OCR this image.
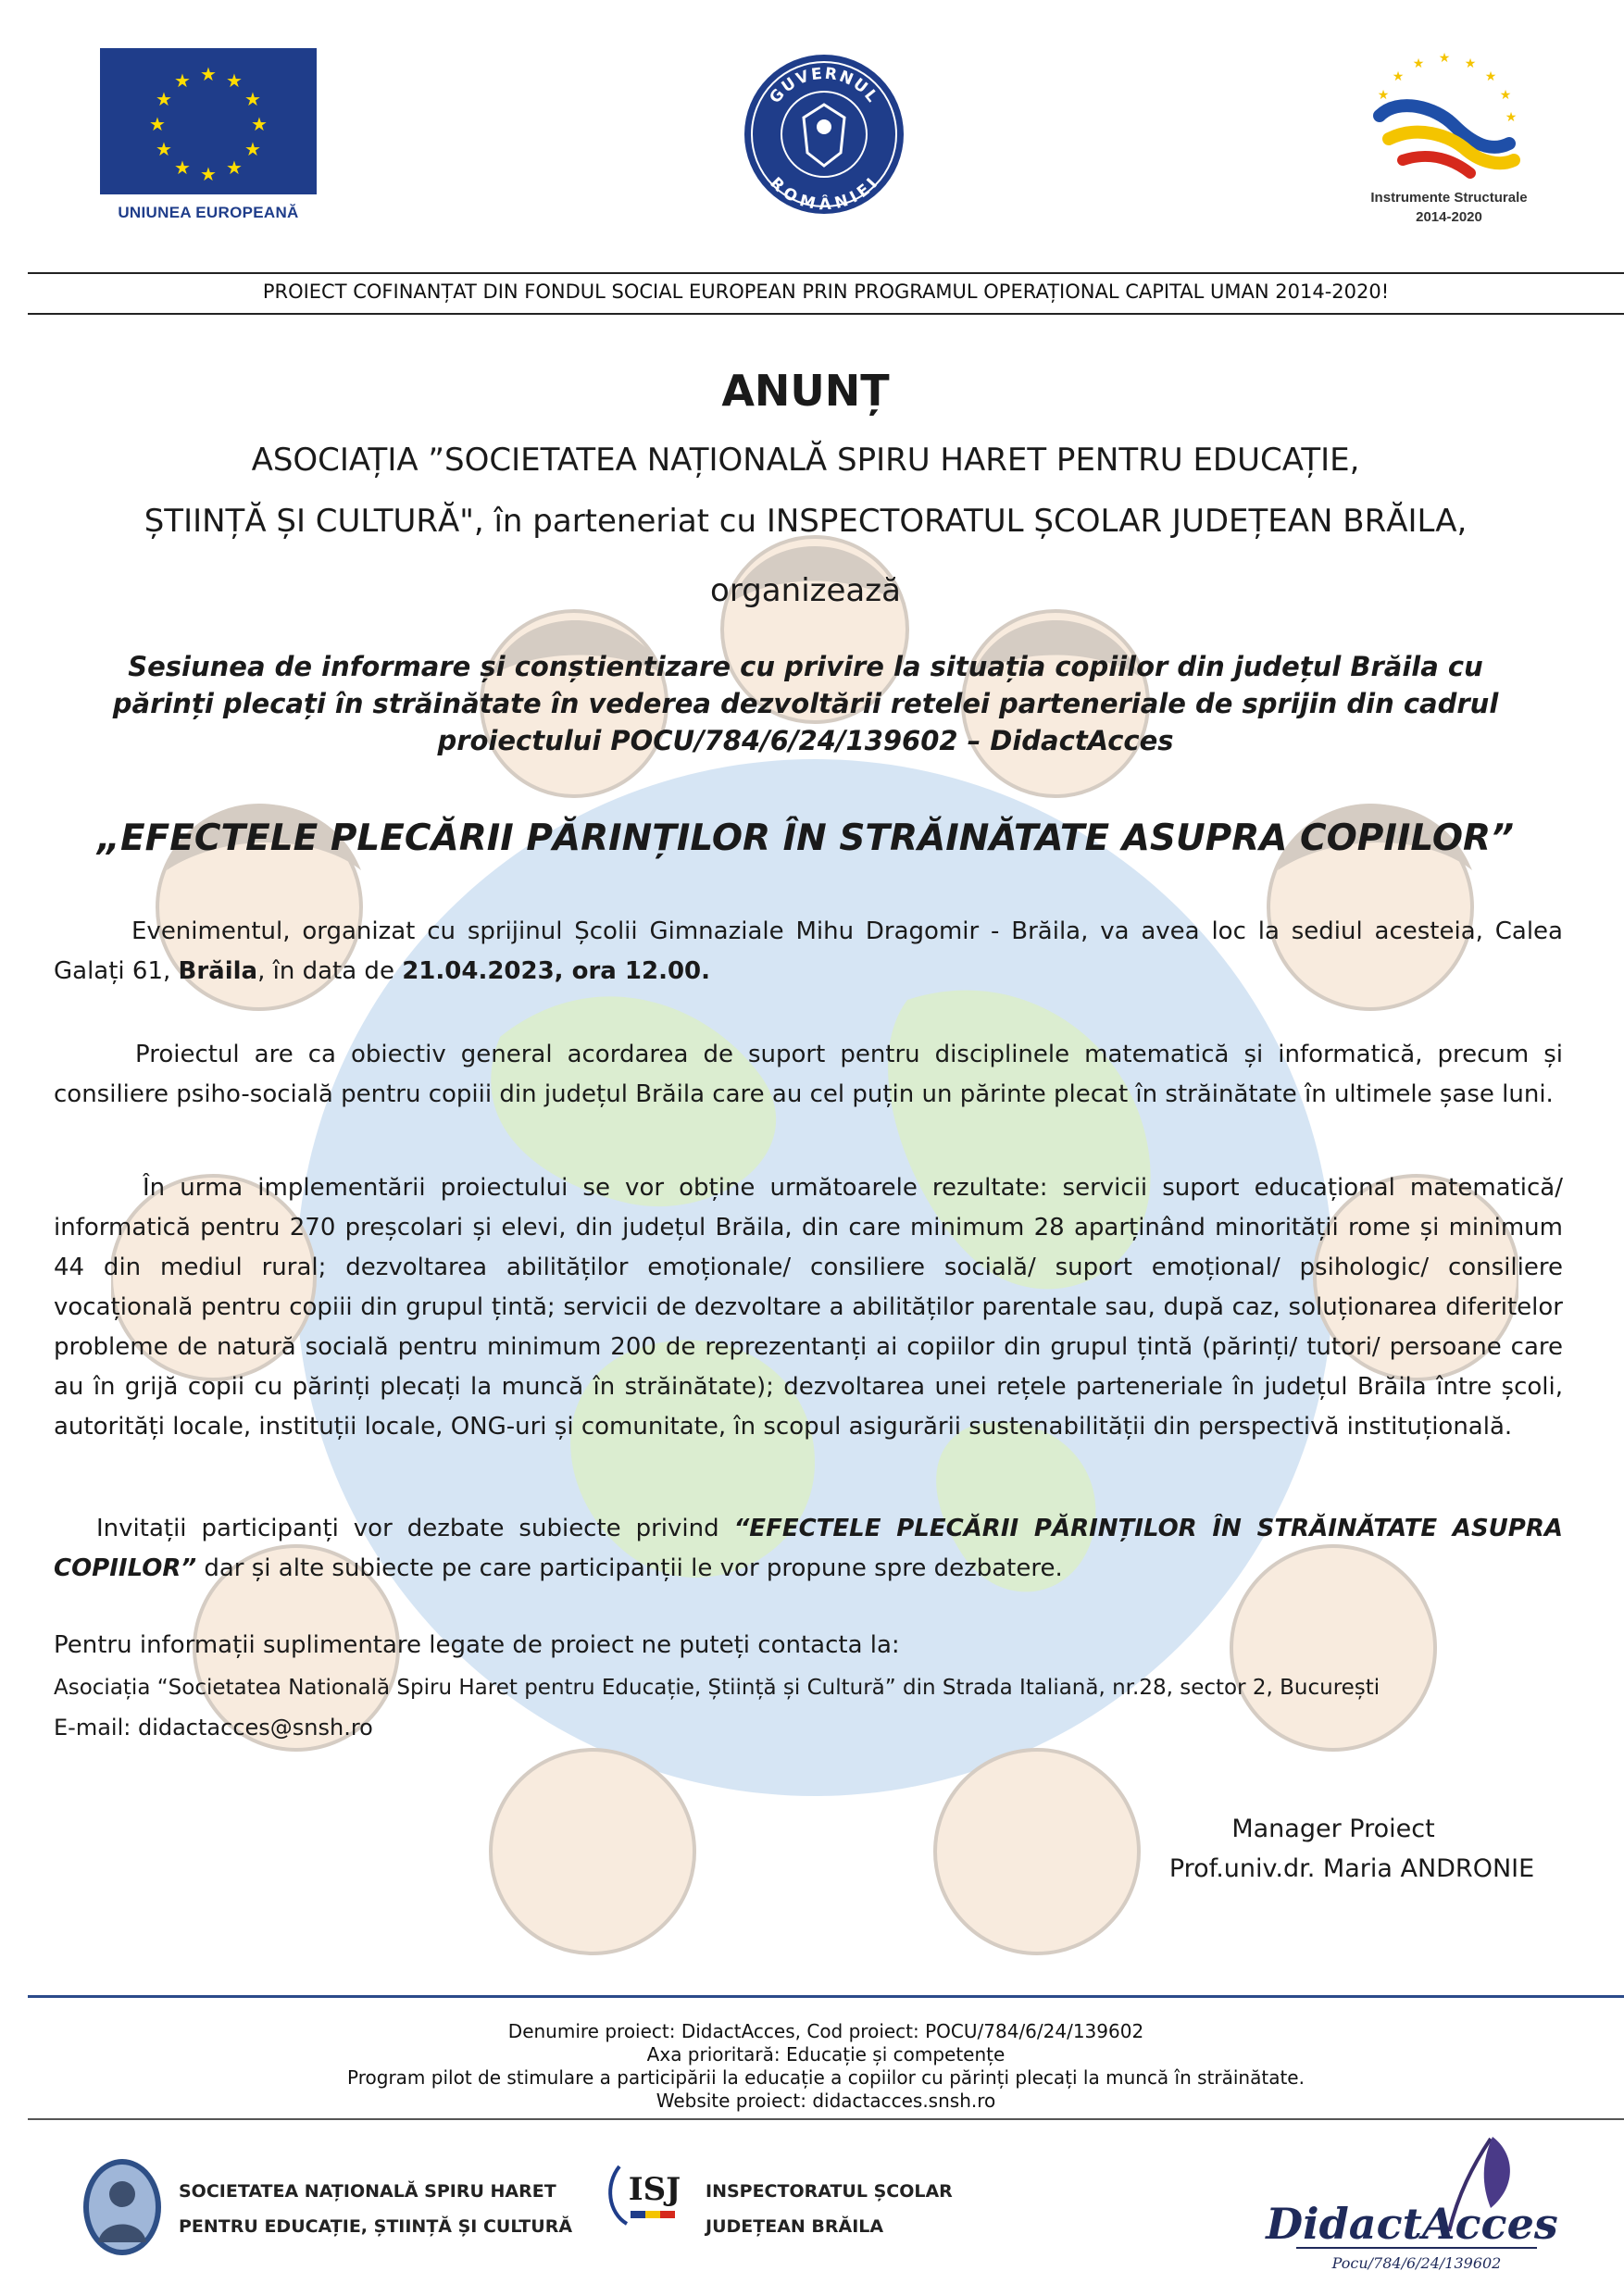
★ ★
★
★
★
★
★
★
★
★
★
★
UNIUNEA EUROPEANĂ
GUVERNUL
ROMÂNIEI
★
★ ★ ★
★
★
★
★
Instrumente Structurale
2014-2020
PROIECT COFINANȚAT DIN FONDUL SOCIAL EUROPEAN PRIN PROGRAMUL OPERAȚIONAL CAPITAL UMAN 2014-2020!
ANUNȚ
ASOCIAȚIA ”SOCIETATEA NAȚIONALĂ SPIRU HARET PENTRU EDUCAȚIE,
ȘTIINȚĂ ȘI CULTURĂ", în parteneriat cu INSPECTORATUL ȘCOLAR JUDEȚEAN BRĂILA,
organizează
Sesiunea de informare și conștientizare cu privire la situația copiilor din județul Brăila cu părinți plecați în străinătate în vederea dezvoltării retelei parteneriale de sprijin din cadrul proiectului POCU/784/6/24/139602 – DidactAcces
„EFECTELE PLECĂRII PĂRINȚILOR ÎN STRĂINĂTATE ASUPRA COPIILOR”
Evenimentul, organizat cu sprijinul Școlii Gimnaziale Mihu Dragomir - Brăila, va avea loc la sediul acesteia, Calea Galați 61, Brăila, în data de 21.04.2023, ora 12.00.
Proiectul are ca obiectiv general acordarea de suport pentru disciplinele matematică și informatică, precum și consiliere psiho-socială pentru copiii din județul Brăila care au cel puțin un părinte plecat în străinătate în ultimele șase luni.
În urma implementării proiectului se vor obține următoarele rezultate: servicii suport educațional matematică/ informatică pentru 270 preșcolari și elevi, din județul Brăila, din care minimum 28 aparținând minorității rome și minimum 44 din mediul rural; dezvoltarea abilităților emoționale/ consiliere socială/ suport emoțional/ psihologic/ consiliere vocațională pentru copiii din grupul țintă; servicii de dezvoltare a abilităților parentale sau, după caz, soluționarea diferitelor probleme de natură socială pentru minimum 200 de reprezentanți ai copiilor din grupul țintă (părinți/ tutori/ persoane care au în grijă copii cu părinți plecați la muncă în străinătate); dezvoltarea unei rețele parteneriale în județul Brăila între școli, autorități locale, instituții locale, ONG-uri și comunitate, în scopul asigurării sustenabilității din perspectivă instituțională.
Invitații participanți vor dezbate subiecte privind “EFECTELE PLECĂRII PĂRINȚILOR ÎN STRĂINĂTATE ASUPRA COPIILOR” dar și alte subiecte pe care participanții le vor propune spre dezbatere.
Pentru informații suplimentare legate de proiect ne puteți contacta la:
Asociația “Societatea Natională Spiru Haret pentru Educație, Știință și Cultură” din Strada Italiană, nr.28, sector 2, București
E-mail: didactacces@snsh.ro
Manager Proiect
Prof.univ.dr. Maria ANDRONIE
Denumire proiect: DidactAcces, Cod proiect: POCU/784/6/24/139602
Axa prioritară: Educație și competențe
Program pilot de stimulare a participării la educație a copiilor cu părinți plecați la muncă în străinătate.
Website proiect: didactacces.snsh.ro
SOCIETATEA NAȚIONALĂ SPIRU HARET
PENTRU EDUCAȚIE, ȘTIINȚĂ ȘI CULTURĂ
ISJ INSPECTORATUL ȘCOLAR
JUDEȚEAN BRĂILA	DidactAcces
Pocu/784/6/24/139602
